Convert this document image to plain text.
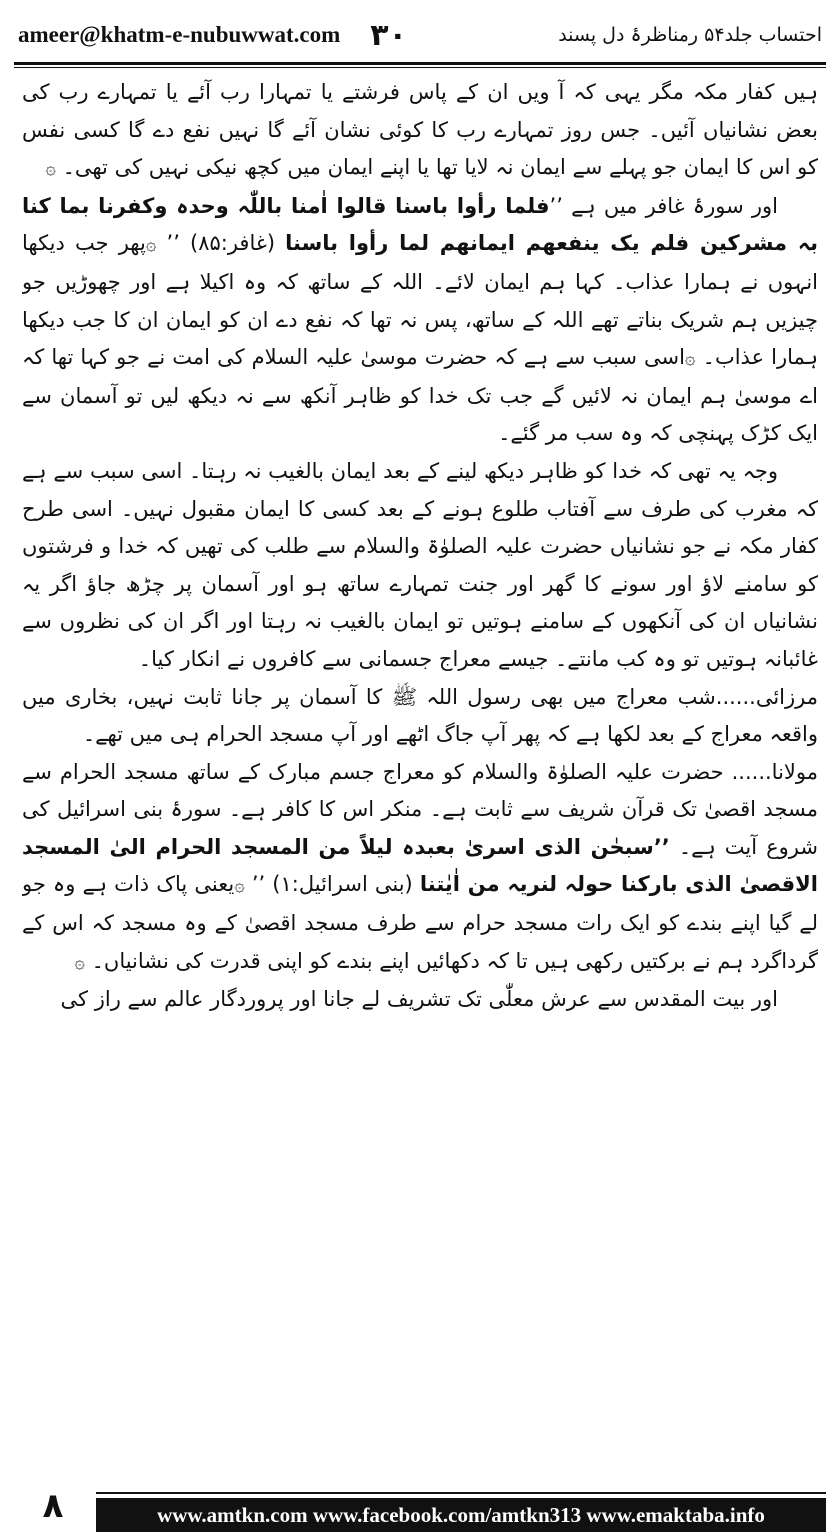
ameer@khatm-e-nubuwwat.com ۳۰	احتساب جلد۵۴ رمناظرۂ دل پسند

ہیں کفار مکہ مگر یہی کہ آ ویں ان کے پاس فرشتے یا تمہارا رب آئے یا تمہارے رب کی بعض نشانیاں آئیں۔ جس روز تمہارے رب کا کوئی نشان آئے گا نہیں نفع دے گا کسی نفس کو اس کا ایمان جو پہلے سے ایمان نہ لایا تھا یا اپنے ایمان میں کچھ نیکی نہیں کی تھی۔ ۞

اور سورۂ غافر میں ہے ’’فلما رأوا باسنا قالوا اٰمنا باللّٰہ وحدہ وکفرنا بما کنا بہ مشرکین فلم یک ینفعھم ایمانھم لما رأوا باسنا (غافر:۸۵) ’’ ۞پھر جب دیکھا انہوں نے ہمارا عذاب۔ کہا ہم ایمان لائے۔ اللہ کے ساتھ کہ وہ اکیلا ہے اور چھوڑیں جو چیزیں ہم شریک بناتے تھے اللہ کے ساتھ، پس نہ تھا کہ نفع دے ان کو ایمان ان کا جب دیکھا ہمارا عذاب۔ ۞اسی سبب سے ہے کہ حضرت موسیٰ علیہ السلام کی امت نے جو کہا تھا کہ اے موسیٰ ہم ایمان نہ لائیں گے جب تک خدا کو ظاہر آنکھ سے نہ دیکھ لیں تو آسمان سے ایک کڑک پہنچی کہ وہ سب مر گئے۔

وجہ یہ تھی کہ خدا کو ظاہر دیکھ لینے کے بعد ایمان بالغیب نہ رہتا۔ اسی سبب سے ہے کہ مغرب کی طرف سے آفتاب طلوع ہونے کے بعد کسی کا ایمان مقبول نہیں۔ اسی طرح کفار مکہ نے جو نشانیاں حضرت علیہ الصلوٰۃ والسلام سے طلب کی تھیں کہ خدا و فرشتوں کو سامنے لاؤ اور سونے کا گھر اور جنت تمہارے ساتھ ہو اور آسمان پر چڑھ جاؤ اگر یہ نشانیاں ان کی آنکھوں کے سامنے ہوتیں تو ایمان بالغیب نہ رہتا اور اگر ان کی نظروں سے غائبانہ ہوتیں تو وہ کب مانتے۔ جیسے معراج جسمانی سے کافروں نے انکار کیا۔

مرزائی......شب معراج میں بھی رسول اللہ ﷺ کا آسمان پر جانا ثابت نہیں، بخاری میں واقعہ معراج کے بعد لکھا ہے کہ پھر آپ جاگ اٹھے اور آپ مسجد الحرام ہی میں تھے۔

مولانا...... حضرت علیہ الصلوٰۃ والسلام کو معراج جسم مبارک کے ساتھ مسجد الحرام سے مسجد اقصیٰ تک قرآن شریف سے ثابت ہے۔ منکر اس کا کافر ہے۔ سورۂ بنی اسرائیل کی شروع آیت ہے۔ ’’سبحٰن الذی اسریٰ بعبدہ لیلاً من المسجد الحرام الیٰ المسجد الاقصیٰ الذی بارکنا حولہ لنریہ من اٰیٰتنا (بنی اسرائیل:۱) ’’ ۞یعنی پاک ذات ہے وہ جو لے گیا اپنے بندے کو ایک رات مسجد حرام سے طرف مسجد اقصیٰ کے وہ مسجد کہ اس کے گرداگرد ہم نے برکتیں رکھی ہیں تا کہ دکھائیں اپنے بندے کو اپنی قدرت کی نشانیاں۔ ۞

اور بیت المقدس سے عرش معلّٰی تک تشریف لے جانا اور پروردگار عالم سے راز کی

۸	www.amtkn.com www.facebook.com/amtkn313 www.emaktaba.info
